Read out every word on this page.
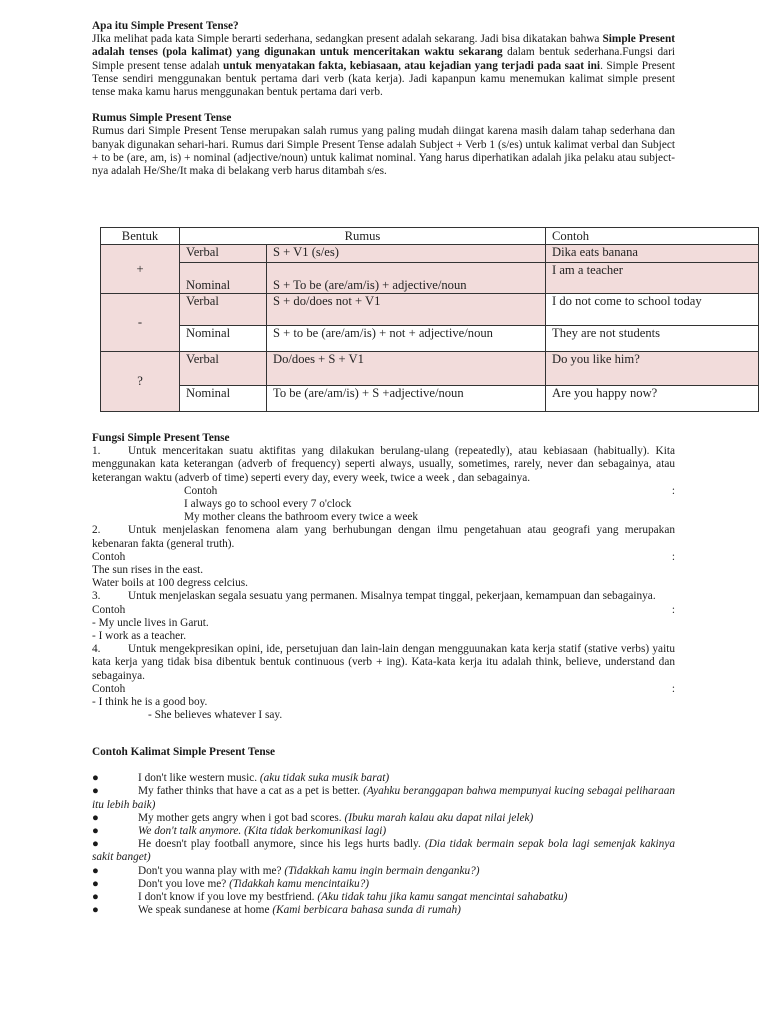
Apa itu Simple Present Tense?

JIka melihat pada kata Simple berarti sederhana, sedangkan present adalah sekarang. Jadi bisa dikatakan bahwa Simple Present adalah tenses (pola kalimat) yang digunakan untuk menceritakan waktu sekarang dalam bentuk sederhana.Fungsi dari Simple present tense adalah untuk menyatakan fakta, kebiasaan, atau kejadian yang terjadi pada saat ini. Simple Present Tense sendiri menggunakan bentuk pertama dari verb (kata kerja). Jadi kapanpun kamu menemukan kalimat simple present tense maka kamu harus menggunakan bentuk pertama dari verb.

Rumus Simple Present Tense

Rumus dari Simple Present Tense merupakan salah rumus yang paling mudah diingat karena masih dalam tahap sederhana dan banyak digunakan sehari-hari. Rumus dari Simple Present Tense adalah Subject + Verb 1 (s/es) untuk kalimat verbal dan Subject + to be (are, am, is) + nominal (adjective/noun) untuk kalimat nominal. Yang harus diperhatikan adalah jika pelaku atau subject-nya adalah He/She/It maka di belakang verb harus ditambah s/es.

Bentuk	Rumus		Contoh
+	Verbal	S + V1 (s/es)	Dika eats banana
	Nominal	S + To be (are/am/is) + adjective/noun	I am a teacher
-	Verbal	S + do/does not + V1	I do not come to school today
	Nominal	S + to be (are/am/is) + not + adjective/noun	They are not students
?	Verbal	Do/does + S + V1	Do you like him?
	Nominal	To be (are/am/is) + S +adjective/noun	Are you happy now?

Fungsi Simple Present Tense

1. Untuk menceritakan suatu aktifitas yang dilakukan berulang-ulang (repeatedly), atau kebiasaan (habitually). Kita menggunakan kata keterangan (adverb of frequency) seperti always, usually, sometimes, rarely, never dan sebagainya, atau keterangan waktu (adverb of time) seperti every day, every week, twice a week , dan sebagainya.

Contoh	:

I always go to school every 7 o'clock

My mother cleans the bathroom every twice a week

2. Untuk menjelaskan fenomena alam yang berhubungan dengan ilmu pengetahuan atau geografi yang merupakan kebenaran fakta (general truth).

Contoh	:

The sun rises in the east.

Water boils at 100 degress celcius.

3. Untuk menjelaskan segala sesuatu yang permanen. Misalnya tempat tinggal, pekerjaan, kemampuan dan sebagainya.

Contoh	:

- My uncle lives in Garut.

- I work as a teacher.

4. Untuk mengekpresikan opini, ide, persetujuan dan lain-lain dengan mengguunakan kata kerja statif (stative verbs) yaitu kata kerja yang tidak bisa dibentuk bentuk continuous (verb + ing). Kata-kata kerja itu adalah think, believe, understand dan sebagainya.

Contoh	:

- I think he is a good boy.

- She believes whatever I say.

Contoh Kalimat Simple Present Tense

●	I don't like western music. (aku tidak suka musik barat)

●	My father thinks that have a cat as a pet is better. (Ayahku beranggapan bahwa mempunyai kucing sebagai peliharaan itu lebih baik)

●	My mother gets angry when i got bad scores. (Ibuku marah kalau aku dapat nilai jelek)

●	We don't talk anymore. (Kita tidak berkomunikasi lagi)

●	He doesn't play football anymore, since his legs hurts badly. (Dia tidak bermain sepak bola lagi semenjak kakinya sakit banget)

●	Don't you wanna play with me? (Tidakkah kamu ingin bermain denganku?)

●	Don't you love me? (Tidakkah kamu mencintaiku?)

●	I don't know if you love my bestfriend. (Aku tidak tahu jika kamu sangat mencintai sahabatku)

●	We speak sundanese at home (Kami berbicara bahasa sunda di rumah)
